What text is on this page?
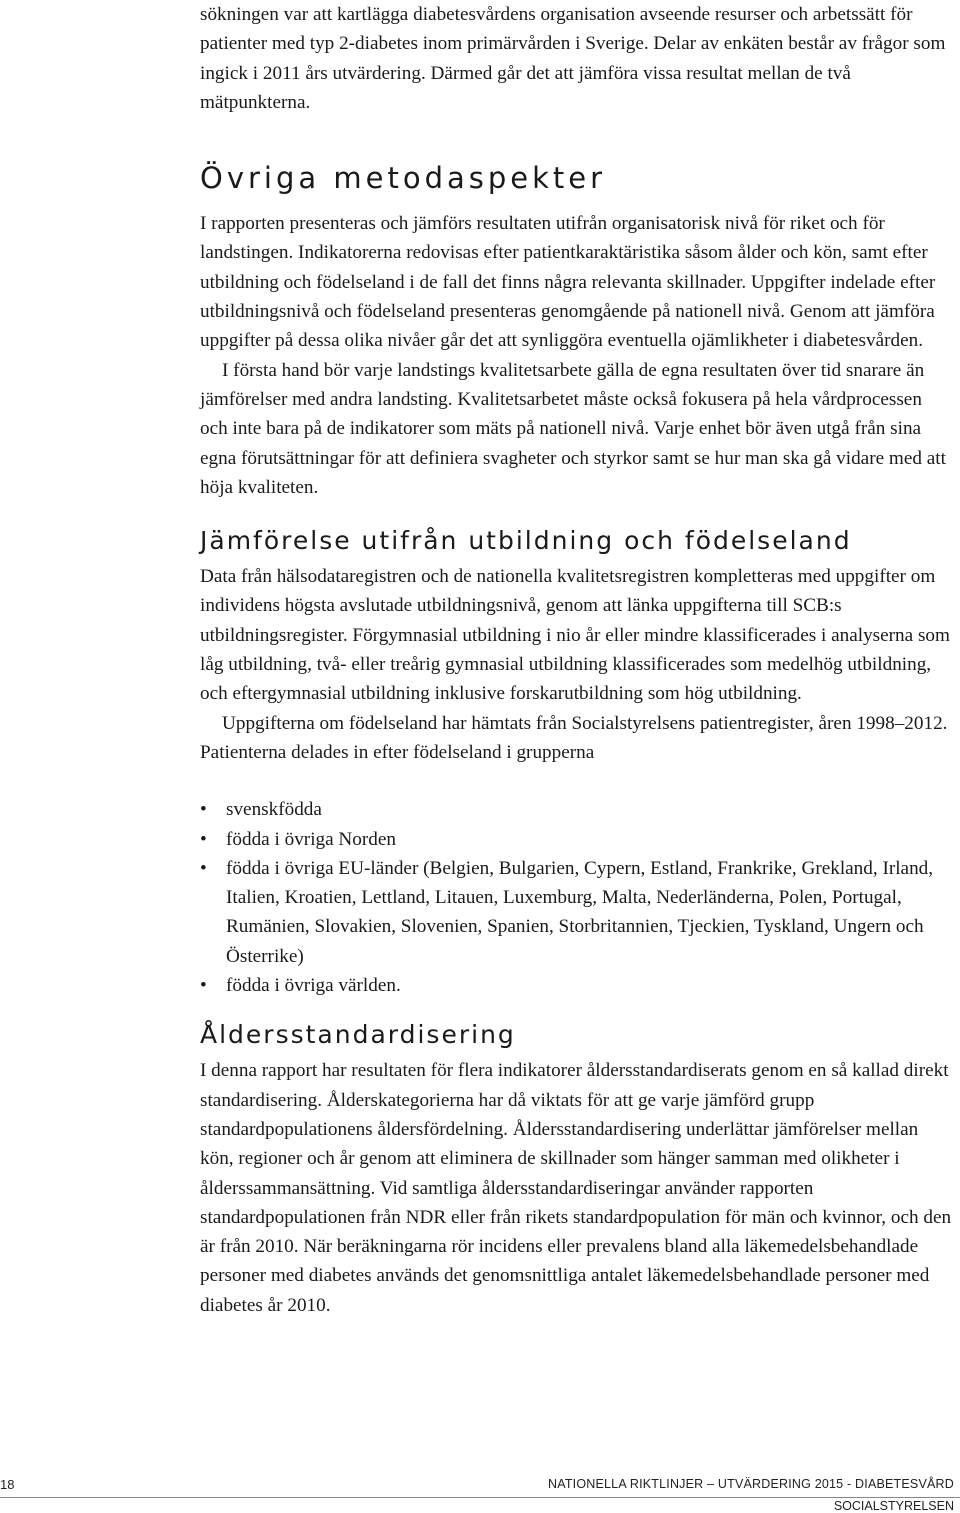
sökningen var att kartlägga diabetesvårdens organisation avseende resurser och arbetssätt för patienter med typ 2-diabetes inom primärvården i Sverige. Delar av enkäten består av frågor som ingick i 2011 års utvärdering. Därmed går det att jämföra vissa resultat mellan de två mätpunkterna.

Övriga metodaspekter

I rapporten presenteras och jämförs resultaten utifrån organisatorisk nivå för riket och för landstingen. Indikatorerna redovisas efter patientkaraktäristika såsom ålder och kön, samt efter utbildning och födelseland i de fall det finns några relevanta skillnader. Uppgifter indelade efter utbildningsnivå och födelseland presenteras genomgående på nationell nivå. Genom att jämföra uppgifter på dessa olika nivåer går det att synliggöra eventuella ojämlikheter i diabetesvården.

I första hand bör varje landstings kvalitetsarbete gälla de egna resultaten över tid snarare än jämförelser med andra landsting. Kvalitetsarbetet måste också fokusera på hela vårdprocessen och inte bara på de indikatorer som mäts på nationell nivå. Varje enhet bör även utgå från sina egna förutsättningar för att definiera svagheter och styrkor samt se hur man ska gå vidare med att höja kvaliteten.

Jämförelse utifrån utbildning och födelseland

Data från hälsodataregistren och de nationella kvalitetsregistren kompletteras med uppgifter om individens högsta avslutade utbildningsnivå, genom att länka uppgifterna till SCB:s utbildningsregister. Förgymnasial utbildning i nio år eller mindre klassificerades i analyserna som låg utbildning, två- eller treårig gymnasial utbildning klassificerades som medelhög utbildning, och eftergymnasial utbildning inklusive forskarutbildning som hög utbildning.

Uppgifterna om födelseland har hämtats från Socialstyrelsens patientregister, åren 1998–2012. Patienterna delades in efter födelseland i grupperna

• svenskfödda
• födda i övriga Norden
• födda i övriga EU-länder (Belgien, Bulgarien, Cypern, Estland, Frankrike, Grekland, Irland, Italien, Kroatien, Lettland, Litauen, Luxemburg, Malta, Nederländerna, Polen, Portugal, Rumänien, Slovakien, Slovenien, Spanien, Storbritannien, Tjeckien, Tyskland, Ungern och Österrike)
• födda i övriga världen.
Åldersstandardisering

I denna rapport har resultaten för flera indikatorer åldersstandardiserats genom en så kallad direkt standardisering. Ålderskategorierna har då viktats för att ge varje jämförd grupp standardpopulationens åldersfördelning. Åldersstandardisering underlättar jämförelser mellan kön, regioner och år genom att eliminera de skillnader som hänger samman med olikheter i ålderssammansättning. Vid samtliga åldersstandardiseringar använder rapporten standardpopulationen från NDR eller från rikets standardpopulation för män och kvinnor, och den är från 2010. När beräkningarna rör incidens eller prevalens bland alla läkemedelsbehandlade personer med diabetes används det genomsnittliga antalet läkemedelsbehandlade personer med diabetes år 2010.

18	NATIONELLA RIKTLINJER – UTVÄRDERING 2015 - DIABETESVÅRD
SOCIALSTYRELSEN
